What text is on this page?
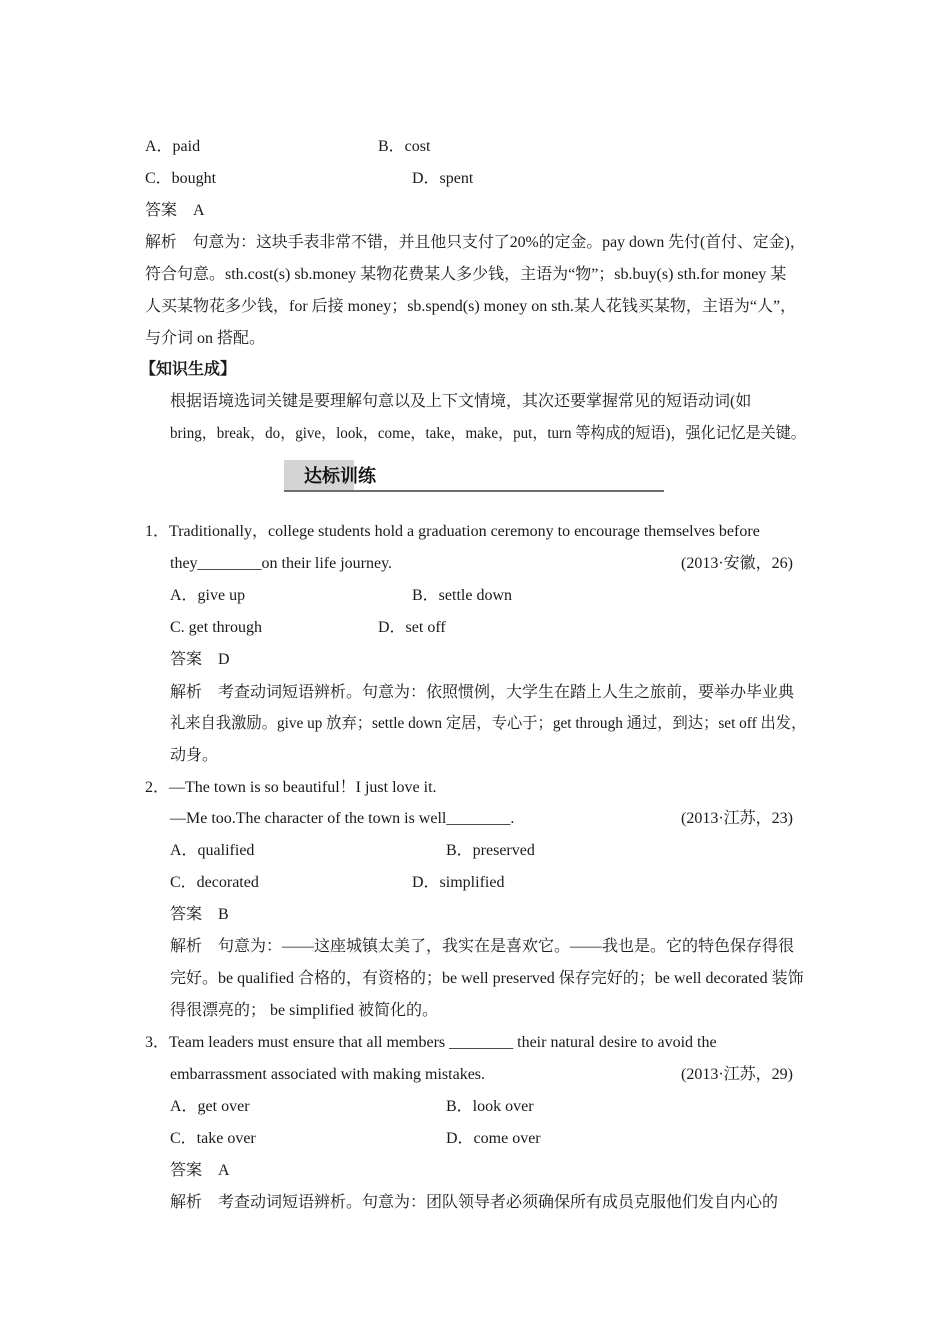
A．paid	B．cost
C．bought	D．spent
答案　A
解析　句意为：这块手表非常不错，并且他只支付了20%的定金。pay down 先付(首付、定金)，
符合句意。sth.cost(s) sb.money 某物花费某人多少钱，主语为“物”；sb.buy(s) sth.for money 某
人买某物花多少钱，for 后接 money；sb.spend(s) money on sth.某人花钱买某物，主语为“人”，
与介词 on 搭配。
【知识生成】
根据语境选词关键是要理解句意以及上下文情境，其次还要掌握常见的短语动词(如
bring，break，do，give，look，come，take，make，put，turn 等构成的短语)，强化记忆是关键。
达标训练
1．Traditionally，college students hold a graduation ceremony to encourage themselves before
they________on their life journey.	(2013·安徽，26)
A．give up	B．settle down
C. get through	D．set off
答案　D
解析　考查动词短语辨析。句意为：依照惯例，大学生在踏上人生之旅前，要举办毕业典
礼来自我激励。give up 放弃；settle down 定居，专心于；get through 通过，到达；set off 出发，
动身。
2．—The town is so beautiful！I just love it.
—Me too.The character of the town is well________.	(2013·江苏，23)
A．qualified	B．preserved
C．decorated	D．simplified
答案　B
解析　句意为：——这座城镇太美了，我实在是喜欢它。——我也是。它的特色保存得很
完好。be qualified 合格的，有资格的；be well preserved 保存完好的；be well decorated 装饰
得很漂亮的； be simplified 被简化的。
3．Team leaders must ensure that all members ________ their natural desire to avoid the
embarrassment associated with making mistakes.	(2013·江苏，29)
A．get over	B．look over
C．take over	D．come over
答案　A
解析　考查动词短语辨析。句意为：团队领导者必须确保所有成员克服他们发自内心的
